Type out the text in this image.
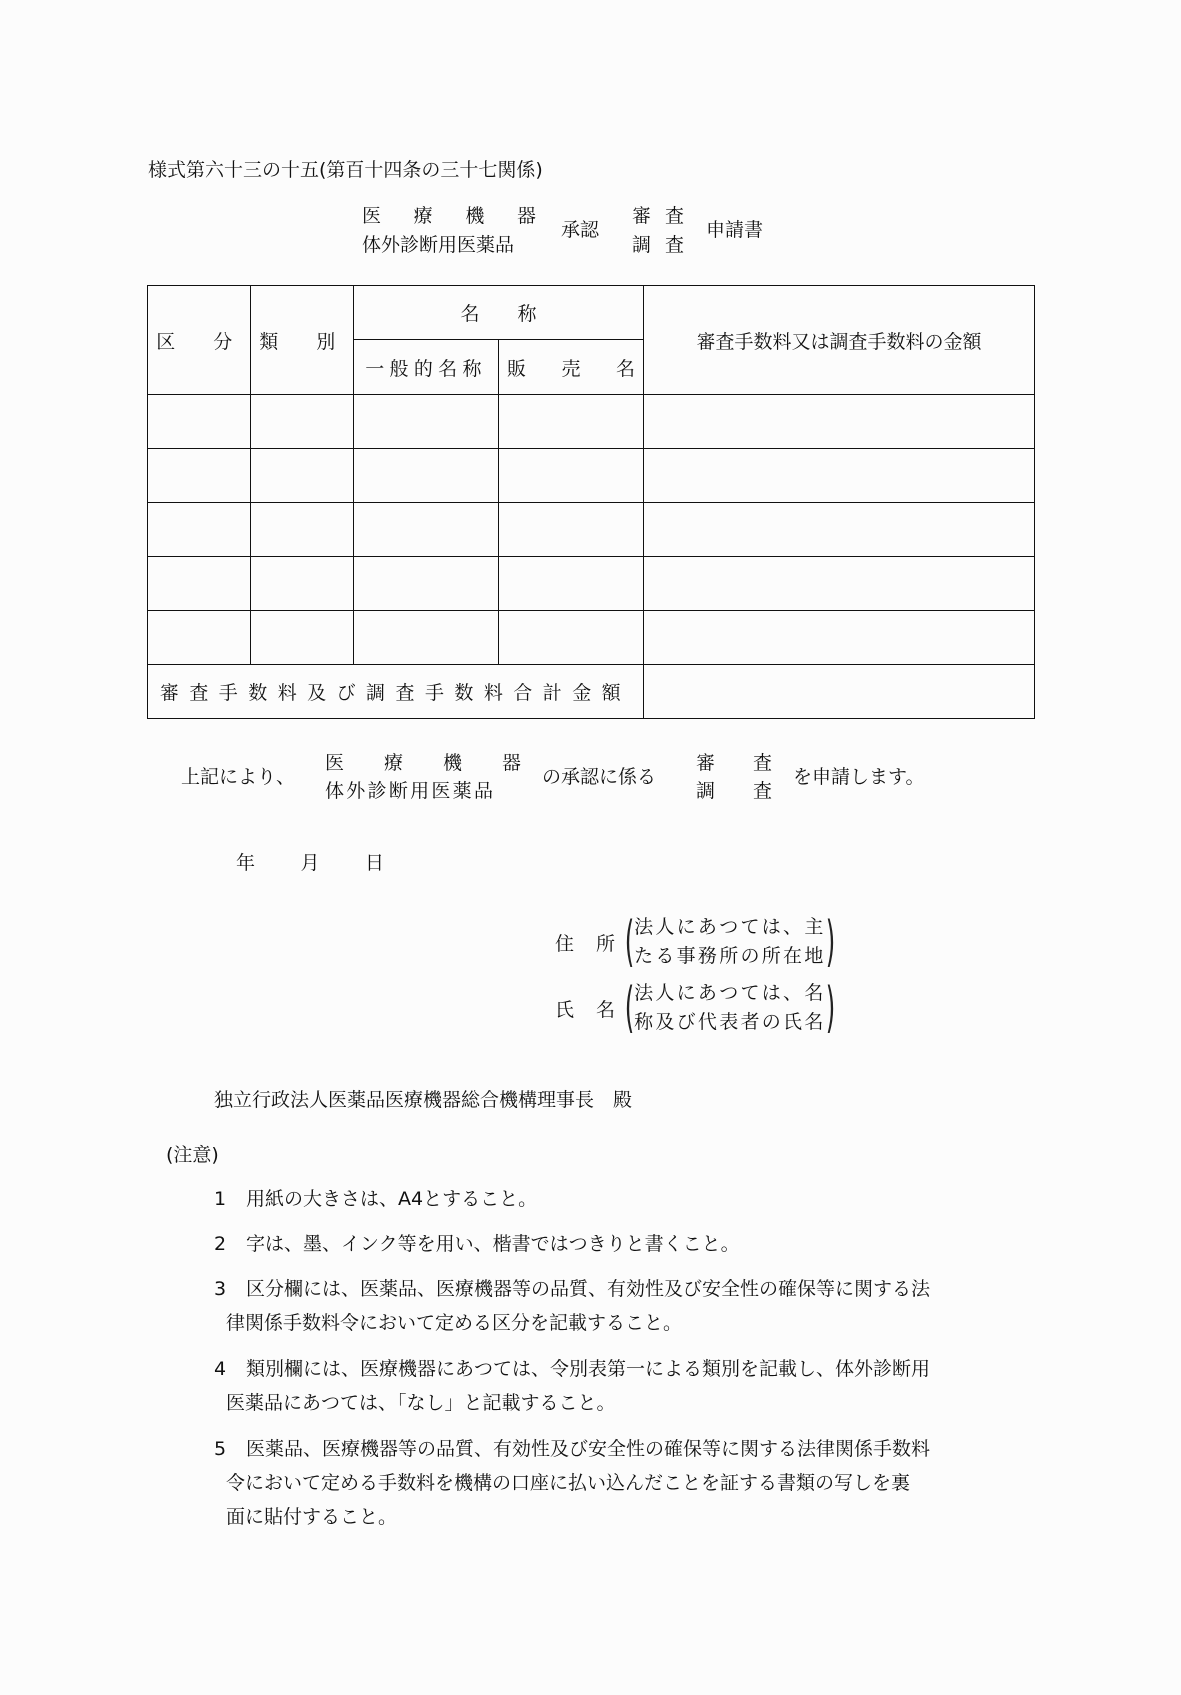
様式第六十三の十五(第百十四条の三十七関係)
医 療 機 器
体外診断用医薬品
承認
審 査
調 査
申請書
区　分	類　別	名　　称		審査手数料又は調査手数料の金額
		一般的名称	販 売 名	

審査手数料及び調査手数料合計金額				
上記により、
医 療 機 器
体外診断用医薬品
の承認に係る
審 査
調 査
を申請します。
年 月 日
住 所 ( 法人にあつては、主
たる事務所の所在地 )
氏 名 ( 法人にあつては、名
称及び代表者の氏名 )
独立行政法人医薬品医療機器総合機構理事長　殿
(注意)
1 用紙の大きさは、A4とすること。
2 字は、墨、インク等を用い、楷書ではつきりと書くこと。
3 区分欄には、医薬品、医療機器等の品質、有効性及び安全性の確保等に関する法
律関係手数料令において定める区分を記載すること。
4 類別欄には、医療機器にあつては、令別表第一による類別を記載し、体外診断用
医薬品にあつては、「なし」と記載すること。
5 医薬品、医療機器等の品質、有効性及び安全性の確保等に関する法律関係手数料
令において定める手数料を機構の口座に払い込んだことを証する書類の写しを裏
面に貼付すること。
